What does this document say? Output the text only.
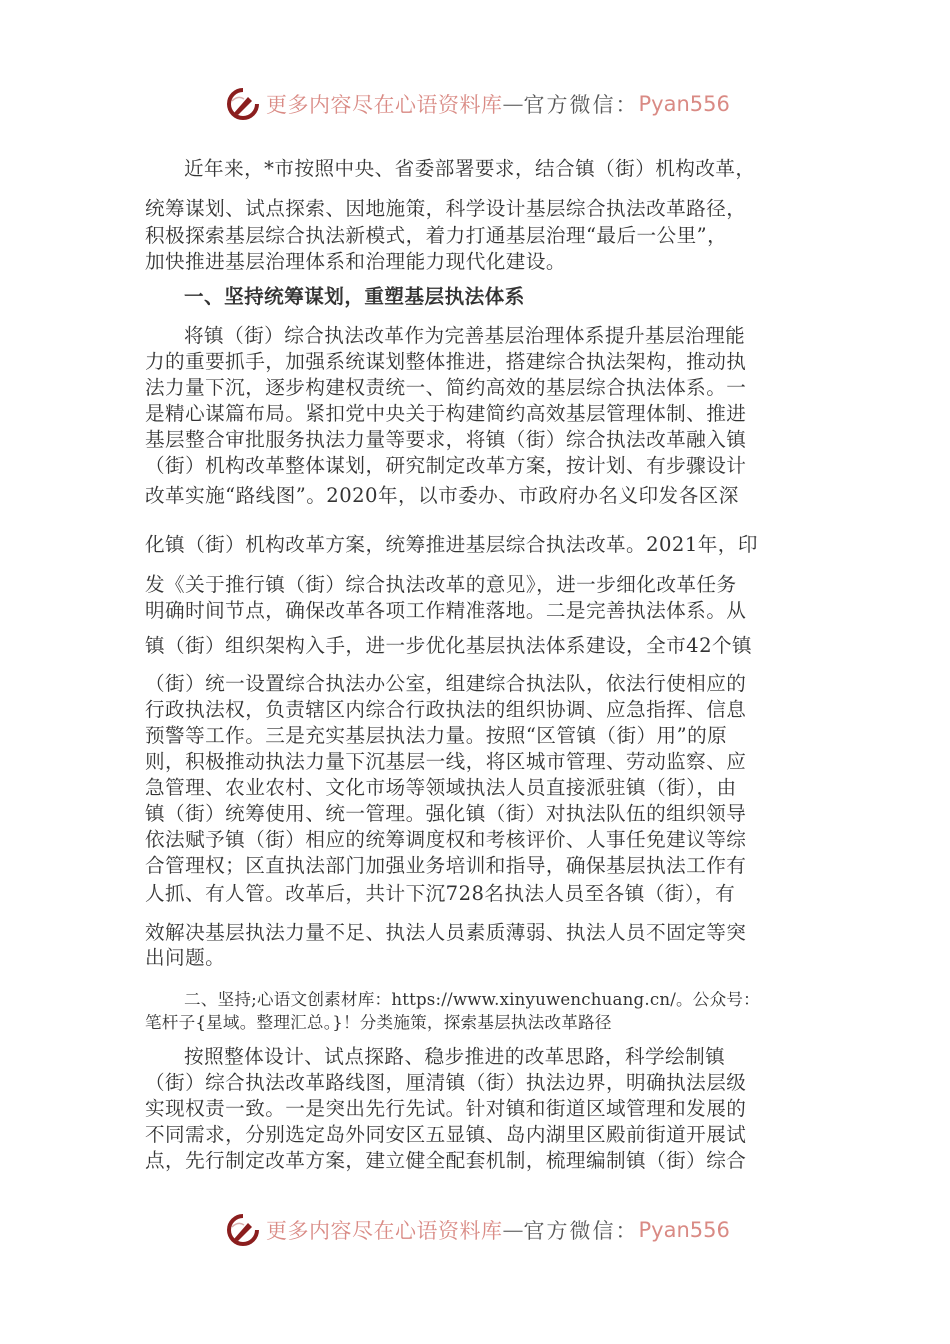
更多内容尽在心语资料库 — 官方微信： Pyan556
近年来，*市按照中央、省委部署要求，结合镇（街）机构改革，
统筹谋划、试点探索、因地施策，科学设计基层综合执法改革路径，
积极探索基层综合执法新模式，着力打通基层治理“最后一公里”，
加快推进基层治理体系和治理能力现代化建设。
一、坚持统筹谋划，重塑基层执法体系
将镇（街）综合执法改革作为完善基层治理体系提升基层治理能
力的重要抓手，加强系统谋划整体推进，搭建综合执法架构，推动执
法力量下沉，逐步构建权责统一、简约高效的基层综合执法体系。一
是精心谋篇布局。紧扣党中央关于构建简约高效基层管理体制、推进
基层整合审批服务执法力量等要求，将镇（街）综合执法改革融入镇
（街）机构改革整体谋划，研究制定改革方案，按计划、有步骤设计
改革实施“路线图”。2020年，以市委办、市政府办名义印发各区深
化镇（街）机构改革方案，统筹推进基层综合执法改革。2021年，印
发《关于推行镇（街）综合执法改革的意见》，进一步细化改革任务
明确时间节点，确保改革各项工作精准落地。二是完善执法体系。从
镇（街）组织架构入手，进一步优化基层执法体系建设，全市42个镇
（街）统一设置综合执法办公室，组建综合执法队，依法行使相应的
行政执法权，负责辖区内综合行政执法的组织协调、应急指挥、信息
预警等工作。三是充实基层执法力量。按照“区管镇（街）用”的原
则，积极推动执法力量下沉基层一线，将区城市管理、劳动监察、应
急管理、农业农村、文化市场等领域执法人员直接派驻镇（街），由
镇（街）统筹使用、统一管理。强化镇（街）对执法队伍的组织领导
依法赋予镇（街）相应的统筹调度权和考核评价、人事任免建议等综
合管理权；区直执法部门加强业务培训和指导，确保基层执法工作有
人抓、有人管。改革后，共计下沉728名执法人员至各镇（街），有
效解决基层执法力量不足、执法人员素质薄弱、执法人员不固定等突
出问题。
二、坚持;心语文创素材库：https://www.xinyuwenchuang.cn/。公众号：
笔杆子{星域。整理汇总。}！分类施策，探索基层执法改革路径
按照整体设计、试点探路、稳步推进的改革思路，科学绘制镇
（街）综合执法改革路线图，厘清镇（街）执法边界，明确执法层级
实现权责一致。一是突出先行先试。针对镇和街道区域管理和发展的
不同需求，分别选定岛外同安区五显镇、岛内湖里区殿前街道开展试
点，先行制定改革方案，建立健全配套机制，梳理编制镇（街）综合
更多内容尽在心语资料库 — 官方微信： Pyan556
